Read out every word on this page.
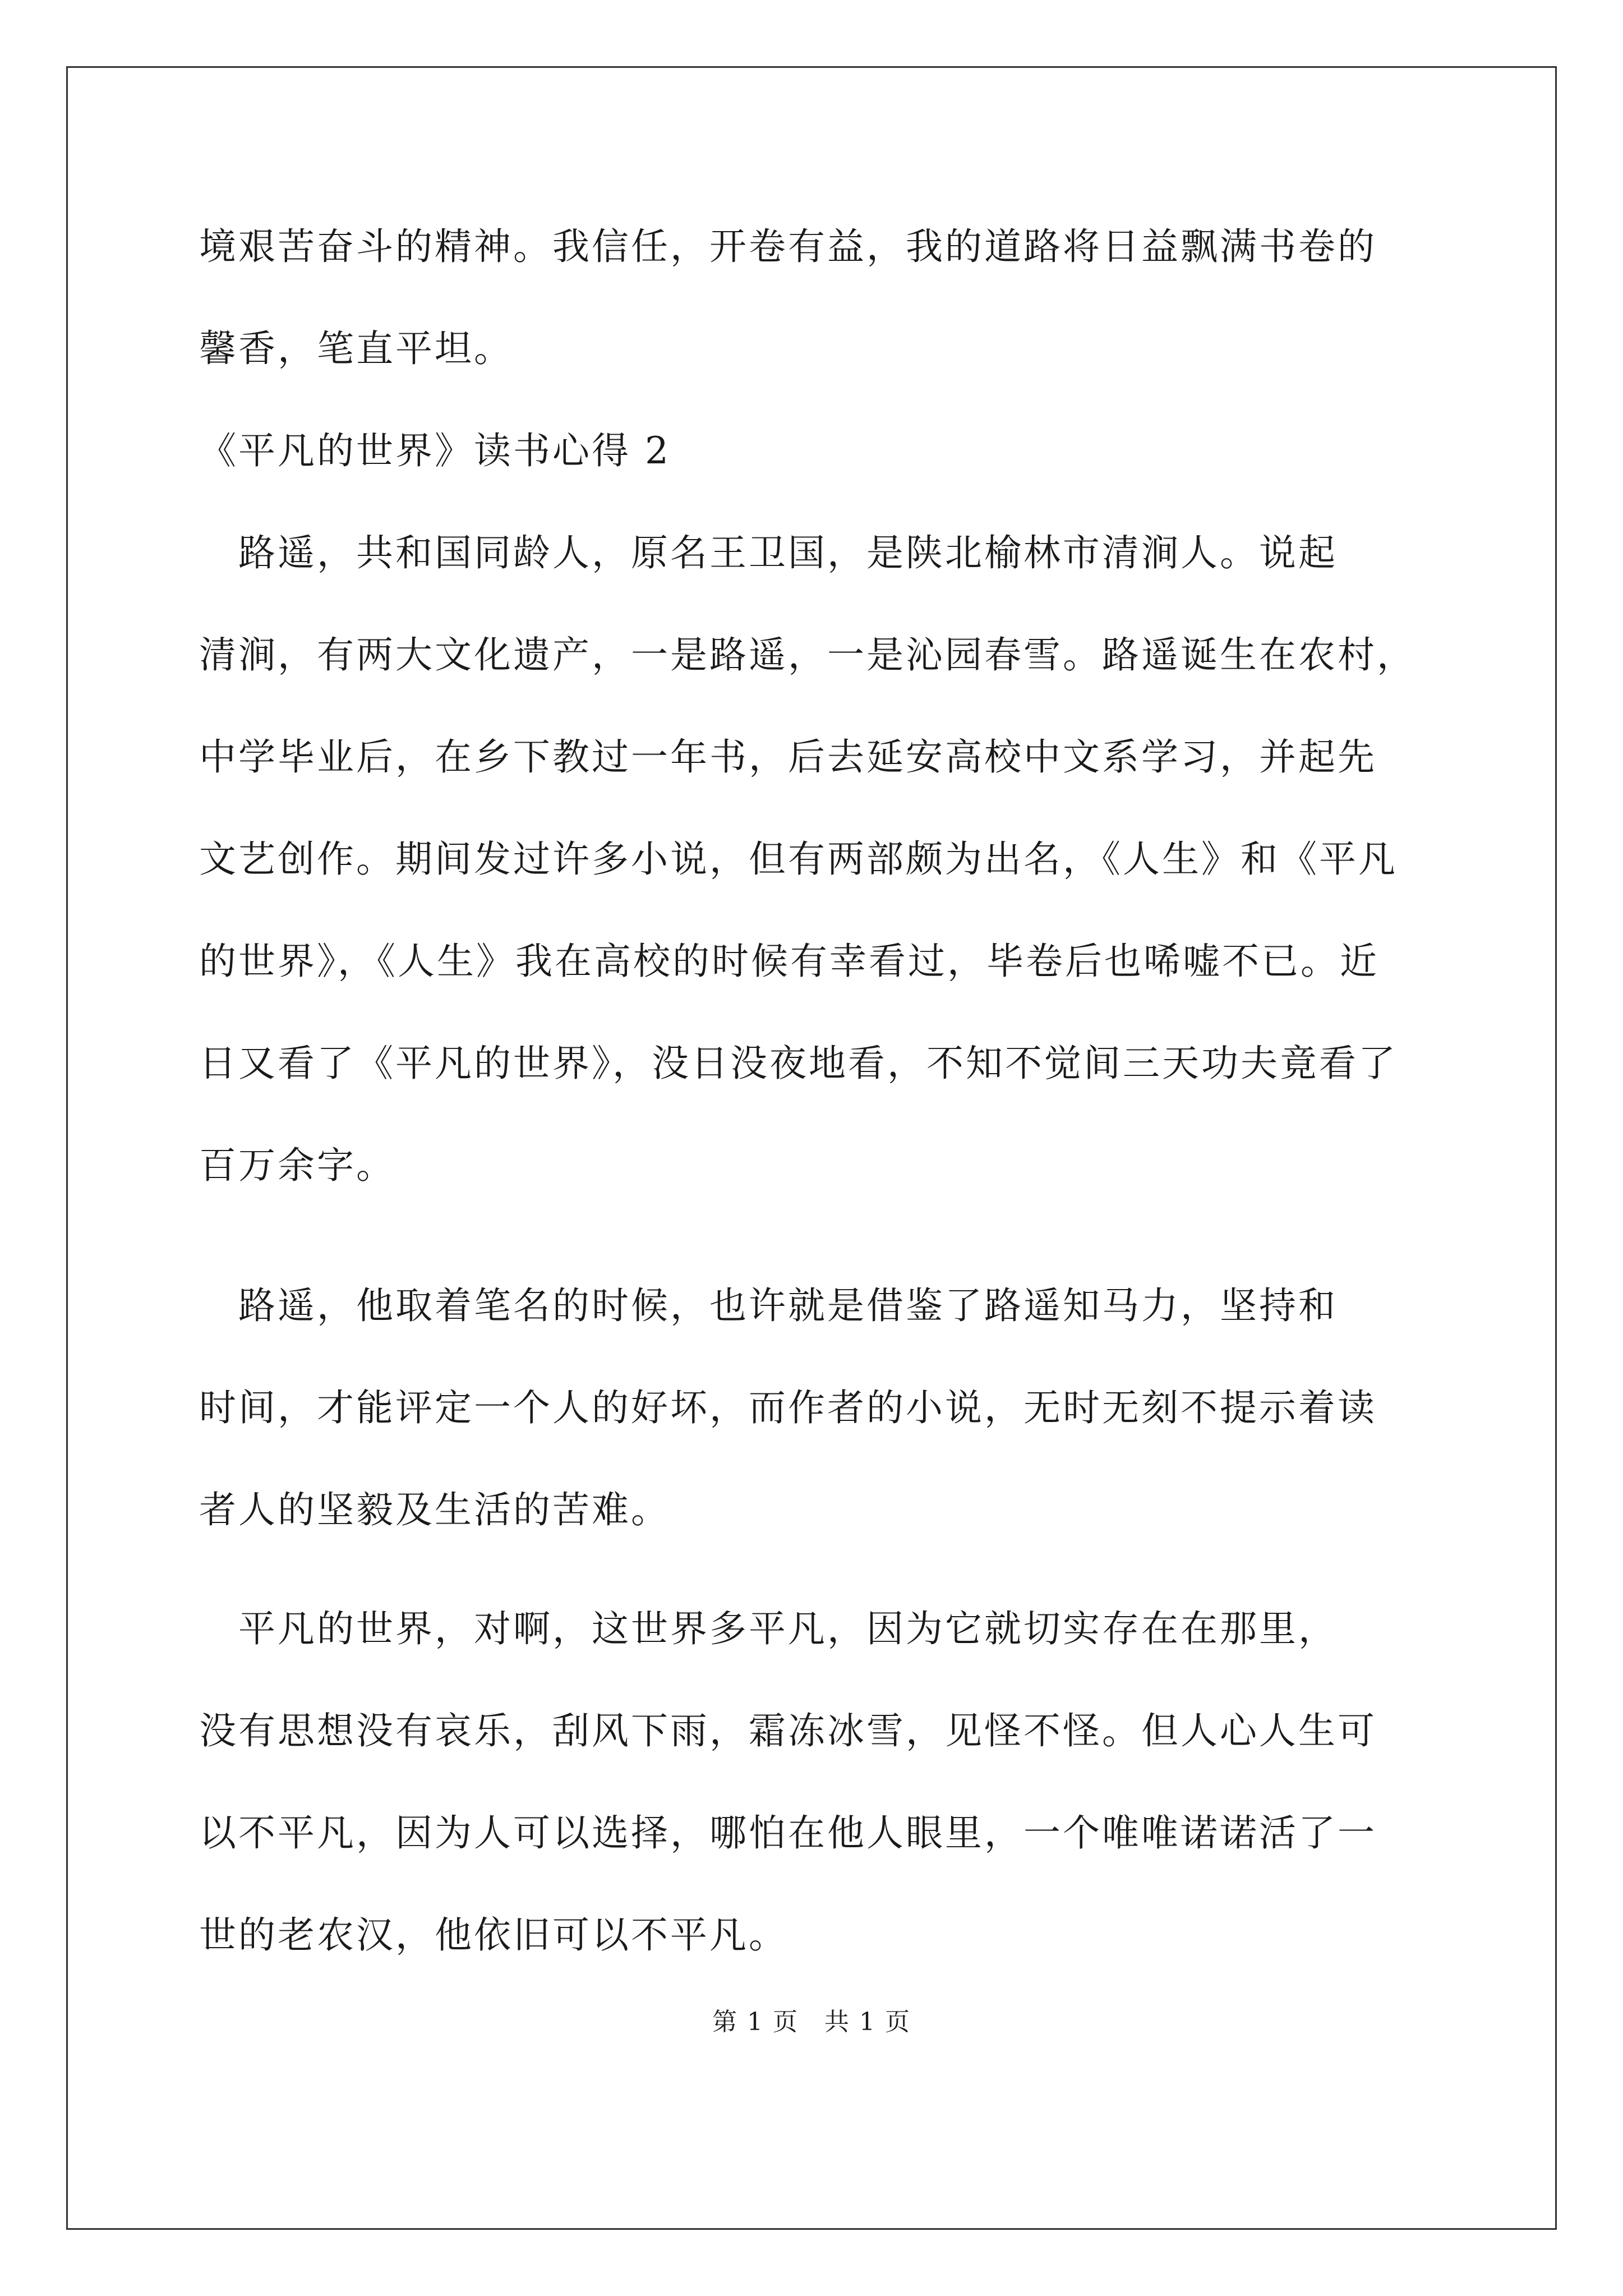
境艰苦奋斗的精神。我信任，开卷有益，我的道路将日益飘满书卷的
馨香，笔直平坦。
《平凡的世界》读书心得 2
　路遥，共和国同龄人，原名王卫国，是陕北榆林市清涧人。说起
清涧，有两大文化遗产，一是路遥，一是沁园春雪。路遥诞生在农村，
中学毕业后，在乡下教过一年书，后去延安高校中文系学习，并起先
文艺创作。期间发过许多小说，但有两部颇为出名，《人生》和《平凡
的世界》，《人生》我在高校的时候有幸看过，毕卷后也唏嘘不已。近
日又看了《平凡的世界》，没日没夜地看，不知不觉间三天功夫竟看了
百万余字。
　路遥，他取着笔名的时候，也许就是借鉴了路遥知马力，坚持和
时间，才能评定一个人的好坏，而作者的小说，无时无刻不提示着读
者人的坚毅及生活的苦难。
　平凡的世界，对啊，这世界多平凡，因为它就切实存在在那里，
没有思想没有哀乐，刮风下雨，霜冻冰雪，见怪不怪。但人心人生可
以不平凡，因为人可以选择，哪怕在他人眼里，一个唯唯诺诺活了一
世的老农汉，他依旧可以不平凡。
第 1 页　共 1 页
